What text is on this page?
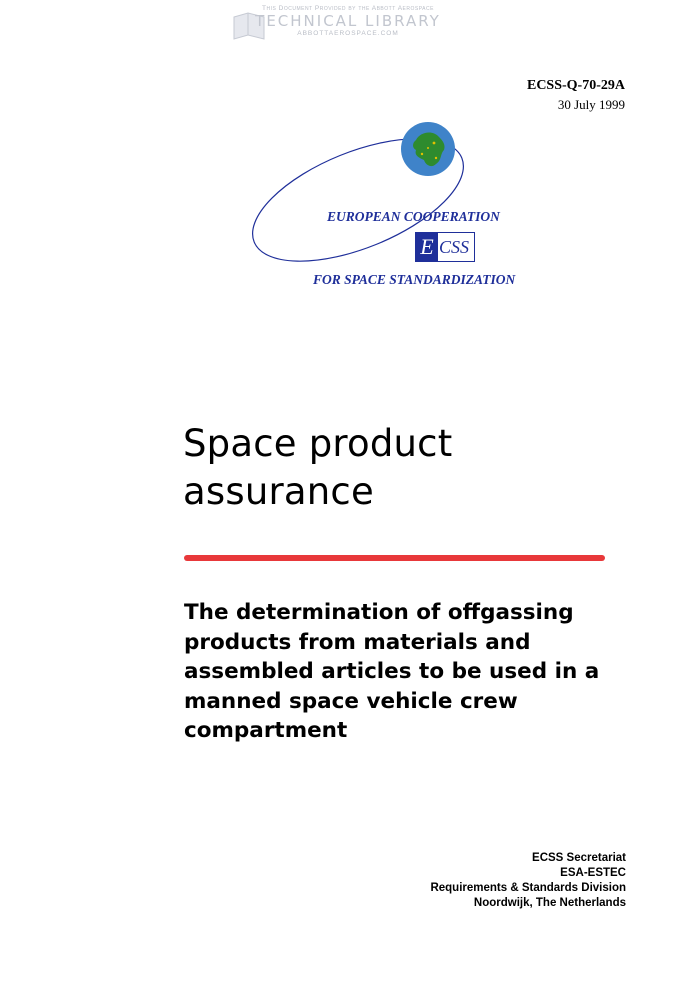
This Document Provided by the Abbott Aerospace
TECHNICAL LIBRARY
ABBOTTAEROSPACE.COM
ECSS-Q-70-29A
30 July 1999
EUROPEAN COOPERATION
E CSS
FOR SPACE STANDARDIZATION
Space product
assurance
The determination of offgassing
products from materials and
assembled articles to be used in a
manned space vehicle crew
compartment
ECSS Secretariat
ESA-ESTEC
Requirements & Standards Division
Noordwijk, The Netherlands
